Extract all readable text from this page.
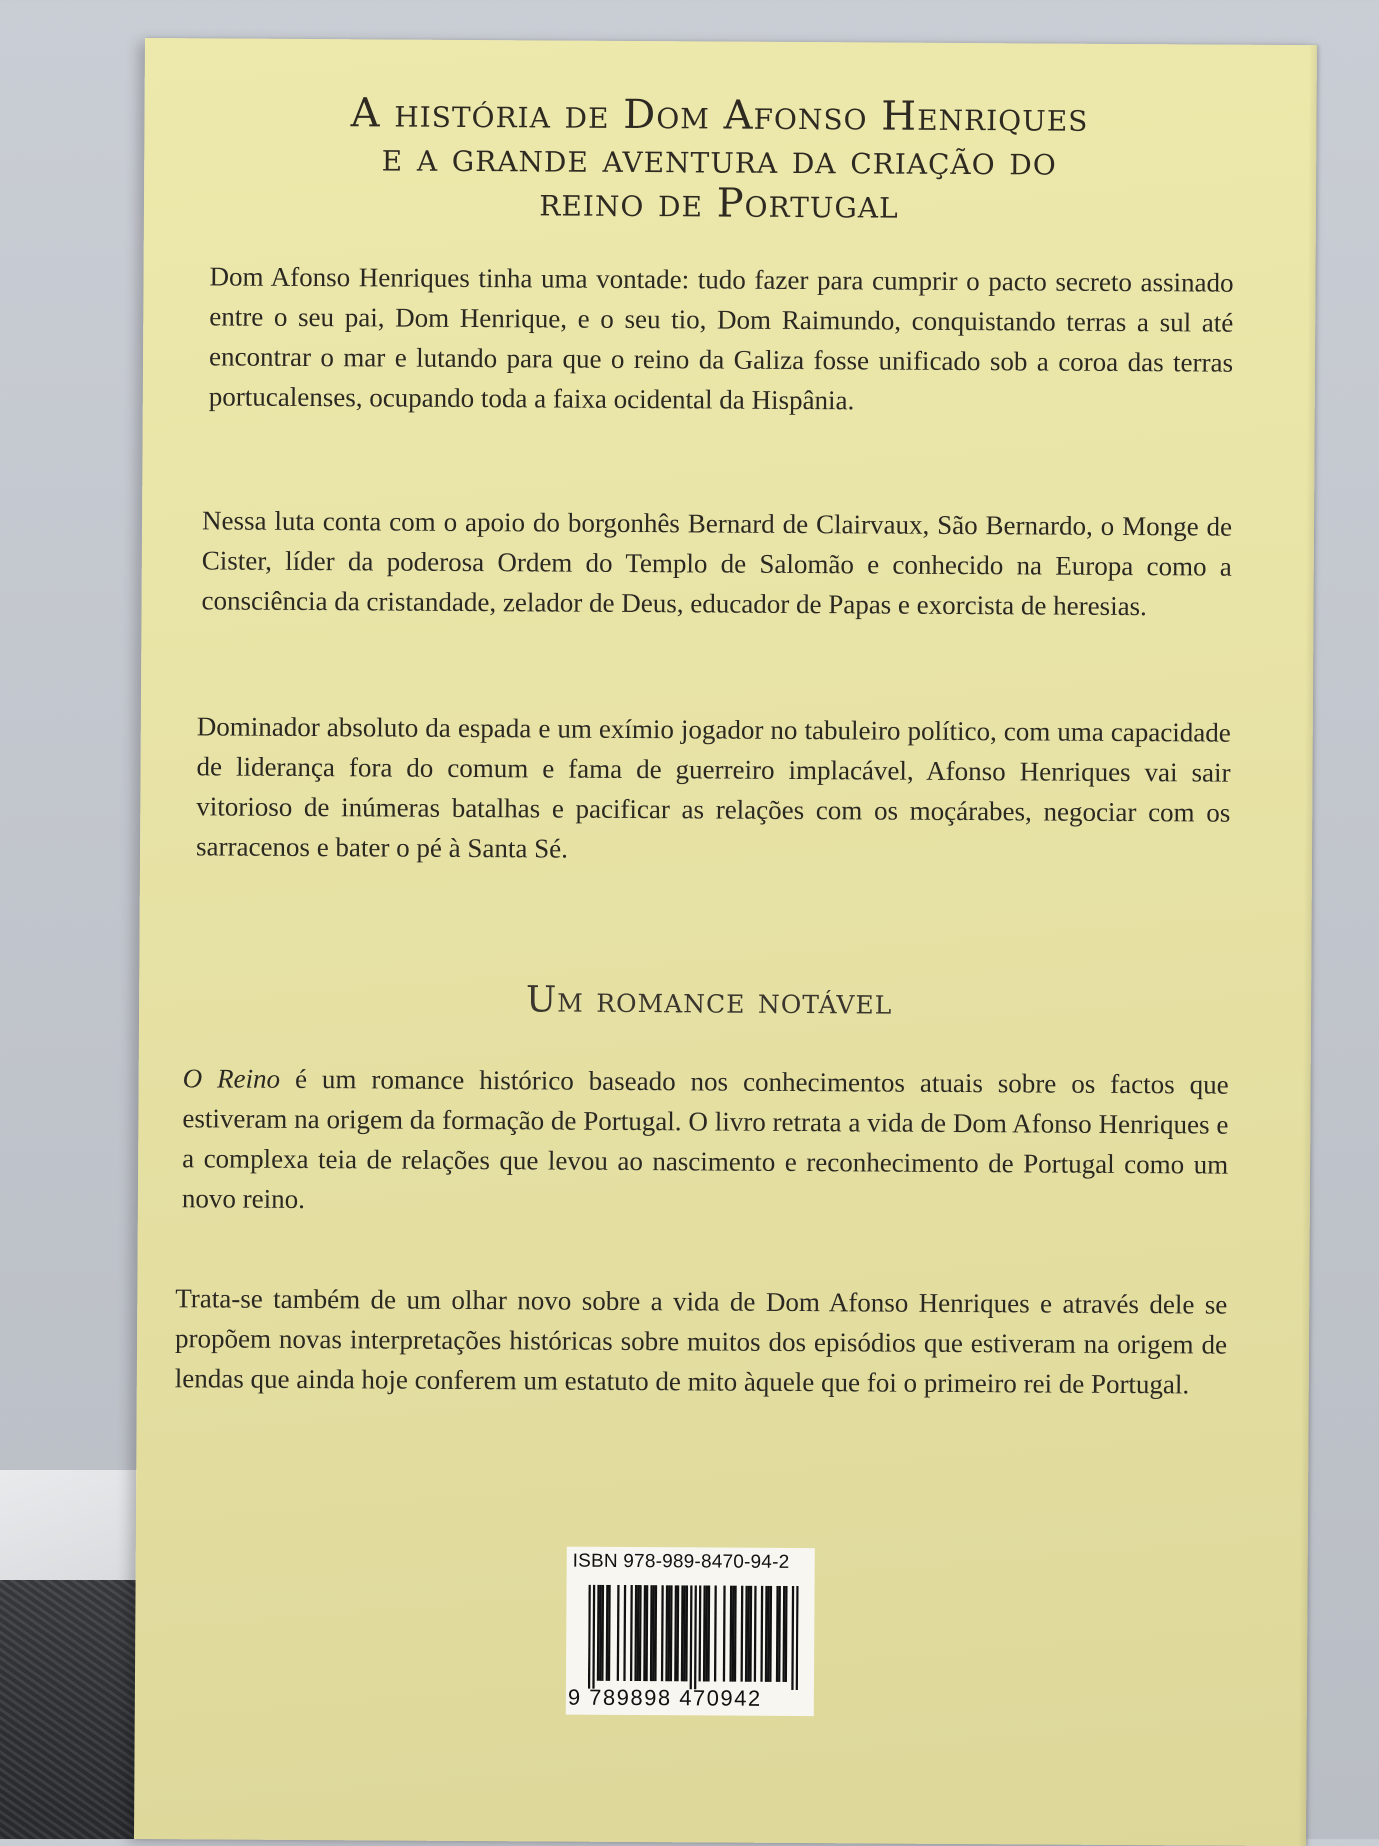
A história de Dom Afonso Henriques
e a grande aventura da criação do
reino de Portugal
Dom Afonso Henriques tinha uma vontade: tudo fazer para cumprir o pacto secreto assinado entre o seu pai, Dom Henrique, e o seu tio, Dom Raimundo, conquistando terras a sul até encontrar o mar e lutando para que o reino da Galiza fosse unificado sob a coroa das terras portucalenses, ocupando toda a faixa ocidental da Hispânia.
Nessa luta conta com o apoio do borgonhês Bernard de Clairvaux, São Bernardo, o Monge de Cister, líder da poderosa Ordem do Templo de Salomão e conhecido na Europa como a consciência da cristandade, zelador de Deus, educador de Papas e exorcista de heresias.
Dominador absoluto da espada e um exímio jogador no tabuleiro político, com uma capacidade de liderança fora do comum e fama de guerreiro implacável, Afonso Henriques vai sair vitorioso de inúmeras batalhas e pacificar as relações com os moçárabes, negociar com os sarracenos e bater o pé à Santa Sé.
Um romance notável
O Reino é um romance histórico baseado nos conhecimentos atuais sobre os factos que estiveram na origem da formação de Portugal. O livro retrata a vida de Dom Afonso Henriques e a complexa teia de relações que levou ao nascimento e reconhecimento de Portugal como um novo reino.
Trata-se também de um olhar novo sobre a vida de Dom Afonso Henriques e através dele se propõem novas interpretações históricas sobre muitos dos episódios que estiveram na origem de lendas que ainda hoje conferem um estatuto de mito àquele que foi o primeiro rei de Portugal.
ISBN 978-989-8470-94-2
9 789898 470942
